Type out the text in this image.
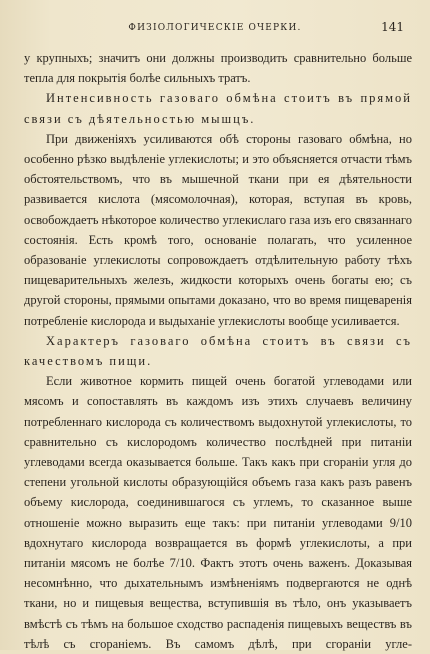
ФИЗІОЛОГИЧЕСКІЕ ОЧЕРКИ.	141

у крупныхъ; значитъ они должны производить сравнительно больше тепла для покрытія болѣе сильныхъ тратъ.

Интенсивность газоваго обмѣна стоитъ въ прямой связи съ дѣятельностью мышцъ.

При движеніяхъ усиливаются обѣ стороны газоваго обмѣна, но особенно рѣзко выдѣленіе углекислоты; и это объясняется отчасти тѣмъ обстоятельствомъ, что въ мышечной ткани при ея дѣятельности развивается кислота (мясомолочная), которая, вступая въ кровь, освобождаетъ нѣкоторое количество углекислаго газа изъ его связаннаго состоянія. Есть кромѣ того, основаніе полагать, что усиленное образованіе углекислоты сопровождаетъ отдѣлительную работу тѣхъ пищеварительныхъ железъ, жидкости которыхъ очень богаты ею; съ другой стороны, прямыми опытами доказано, что во время пищеваренія потребленіе кислорода и выдыханіе углекислоты вообще усиливается.

Характеръ газоваго обмѣна стоитъ въ связи съ качествомъ пищи.

Если животное кормить пищей очень богатой углеводами или мясомъ и сопоставлять въ каждомъ изъ этихъ случаевъ величину потребленнаго кислорода съ количествомъ выдохнутой углекислоты, то сравнительно съ кислородомъ количество послѣдней при питаніи углеводами всегда оказывается больше. Такъ какъ при сгораніи угля до степени угольной кислоты образующійся объемъ газа какъ разъ равенъ объему кислорода, соединившагося съ углемъ, то сказанное выше отношеніе можно выразить еще такъ: при питаніи углеводами 9/10 вдохнутаго кислорода возвращается въ формѣ углекислоты, а при питаніи мясомъ не болѣе 7/10. Фактъ этотъ очень важенъ. Доказывая несомнѣнно, что дыхательнымъ измѣненіямъ подвергаются не однѣ ткани, но и пищевыя вещества, вступившія въ тѣло, онъ указываетъ вмѣстѣ съ тѣмъ на большое сходство распаденія пищевыхъ веществъ въ тѣлѣ съ сгораніемъ. Въ самомъ дѣлѣ, при сгораніи угле-
